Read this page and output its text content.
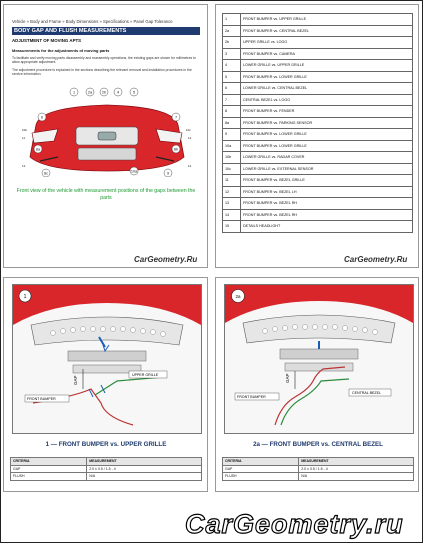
Vehicle » Body and Frame » Body Dimensions » Specifications » Panel Gap Tolerance
BODY GAP AND FLUSH MEASUREMENTS
ADJUSTMENT OF MOVING APTS
Measurements for the adjustments of moving parts
To facilitate and verify moving parts disassembly and reassembly operations, the existing gaps are shown for millimetres to allow appropriate adjustment.
The adjustment procedure is explained in the sections describing the relevant removal and installation procedures in the service information.
1	2a	2b	4	5
6	7
8a	8b
8c	9
10a
10b	10c
11	12
13	14
Front view of the vehicle with measurement positions of the gaps between the parts
CarGeometry.Ru
1	FRONT BUMPER vs. UPPER GRILLE
2a	FRONT BUMPER vs. CENTRAL BEZEL
2b	UPPER GRILLE vs. LOGO
3	FRONT BUMPER vs. CAMERA
4	LOWER GRILLE vs. UPPER GRILLE
5	FRONT BUMPER vs. LOWER GRILLE
6	LOWER GRILLE vs. CENTRAL BEZEL
7	CENTRAL BEZEL vs. LOGO
8	FRONT BUMPER vs. FENDER
8a	FRONT BUMPER vs. PARKING SENSOR
9	FRONT BUMPER vs. LOWER GRILLE
10a	FRONT BUMPER vs. LOWER GRILLE
10b	LOWER GRILLE vs. RADAR COVER
10c	LOWER GRILLE vs. EXTERNAL SENSOR
11	FRONT BUMPER vs. BEZEL GRILLE
12	FRONT BUMPER vs. BEZEL LH
13	FRONT BUMPER vs. BEZEL RH
14	FRONT BUMPER vs. BEZEL RH
15	DETAILS HEADLIGHT
CarGeometry.Ru
GAP
FRONT BUMPER
UPPER GRILLE
1
1 — FRONT BUMPER vs. UPPER GRILLE
CRITERIA	MEASUREMENT
GAP	2.0 ± 0.5 / 1.5 - 4
FLUSH	N/A
GAP
FRONT BUMPER
CENTRAL BEZEL
2a
2a — FRONT BUMPER vs. CENTRAL BEZEL
CRITERIA	MEASUREMENT
GAP	2.0 ± 0.5 / 1.5 - 4
FLUSH	N/A
CarGeometry.ru
